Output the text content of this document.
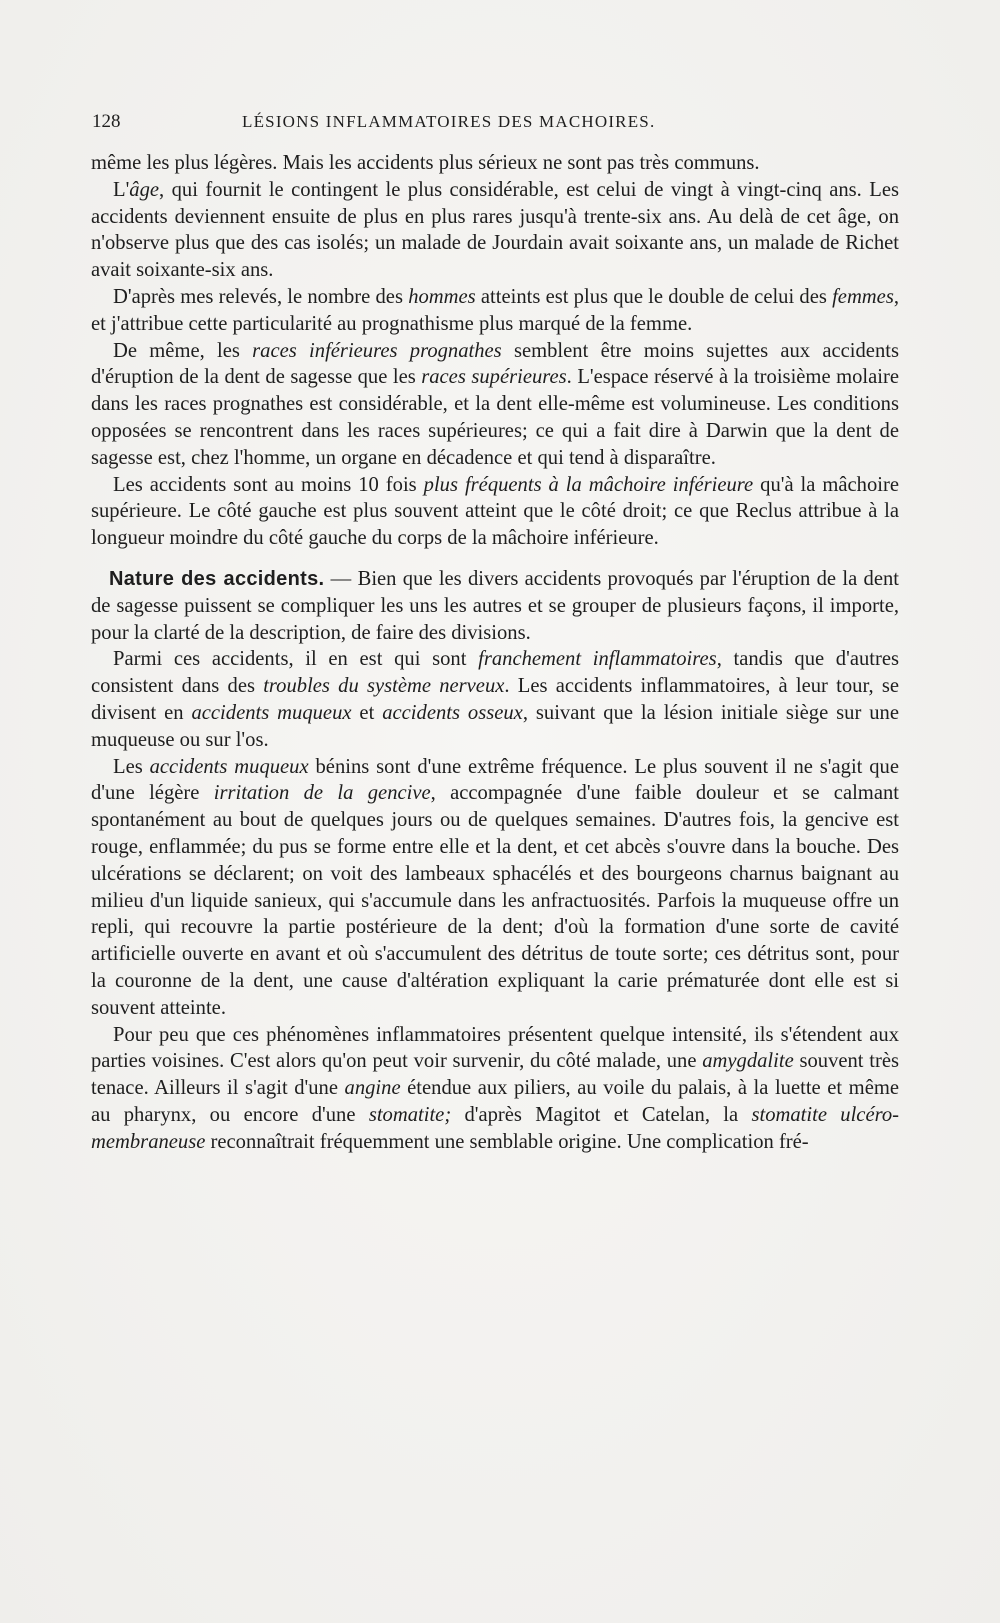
128	LÉSIONS INFLAMMATOIRES DES MACHOIRES.

même les plus légères. Mais les accidents plus sérieux ne sont pas très communs.

L'âge, qui fournit le contingent le plus considérable, est celui de vingt à vingt-cinq ans. Les accidents deviennent ensuite de plus en plus rares jusqu'à trente-six ans. Au delà de cet âge, on n'observe plus que des cas isolés; un malade de Jourdain avait soixante ans, un malade de Richet avait soixante-six ans.

D'après mes relevés, le nombre des hommes atteints est plus que le double de celui des femmes, et j'attribue cette particularité au prognathisme plus marqué de la femme.

De même, les races inférieures prognathes semblent être moins sujettes aux accidents d'éruption de la dent de sagesse que les races supérieures. L'espace réservé à la troisième molaire dans les races prognathes est considérable, et la dent elle-même est volumineuse. Les conditions opposées se rencontrent dans les races supérieures; ce qui a fait dire à Darwin que la dent de sagesse est, chez l'homme, un organe en décadence et qui tend à disparaître.

Les accidents sont au moins 10 fois plus fréquents à la mâchoire inférieure qu'à la mâchoire supérieure. Le côté gauche est plus souvent atteint que le côté droit; ce que Reclus attribue à la longueur moindre du côté gauche du corps de la mâchoire inférieure.

Nature des accidents. — Bien que les divers accidents provoqués par l'éruption de la dent de sagesse puissent se compliquer les uns les autres et se grouper de plusieurs façons, il importe, pour la clarté de la description, de faire des divisions.

Parmi ces accidents, il en est qui sont franchement inflammatoires, tandis que d'autres consistent dans des troubles du système nerveux. Les accidents inflammatoires, à leur tour, se divisent en accidents muqueux et accidents osseux, suivant que la lésion initiale siège sur une muqueuse ou sur l'os.

Les accidents muqueux bénins sont d'une extrême fréquence. Le plus souvent il ne s'agit que d'une légère irritation de la gencive, accompagnée d'une faible douleur et se calmant spontanément au bout de quelques jours ou de quelques semaines. D'autres fois, la gencive est rouge, enflammée; du pus se forme entre elle et la dent, et cet abcès s'ouvre dans la bouche. Des ulcérations se déclarent; on voit des lambeaux sphacélés et des bourgeons charnus baignant au milieu d'un liquide sanieux, qui s'accumule dans les anfractuosités. Parfois la muqueuse offre un repli, qui recouvre la partie postérieure de la dent; d'où la formation d'une sorte de cavité artificielle ouverte en avant et où s'accumulent des détritus de toute sorte; ces détritus sont, pour la couronne de la dent, une cause d'altération expliquant la carie prématurée dont elle est si souvent atteinte.

Pour peu que ces phénomènes inflammatoires présentent quelque intensité, ils s'étendent aux parties voisines. C'est alors qu'on peut voir survenir, du côté malade, une amygdalite souvent très tenace. Ailleurs il s'agit d'une angine étendue aux piliers, au voile du palais, à la luette et même au pharynx, ou encore d'une stomatite; d'après Magitot et Catelan, la stomatite ulcéro-membraneuse reconnaîtrait fréquemment une semblable origine. Une complication fré-
